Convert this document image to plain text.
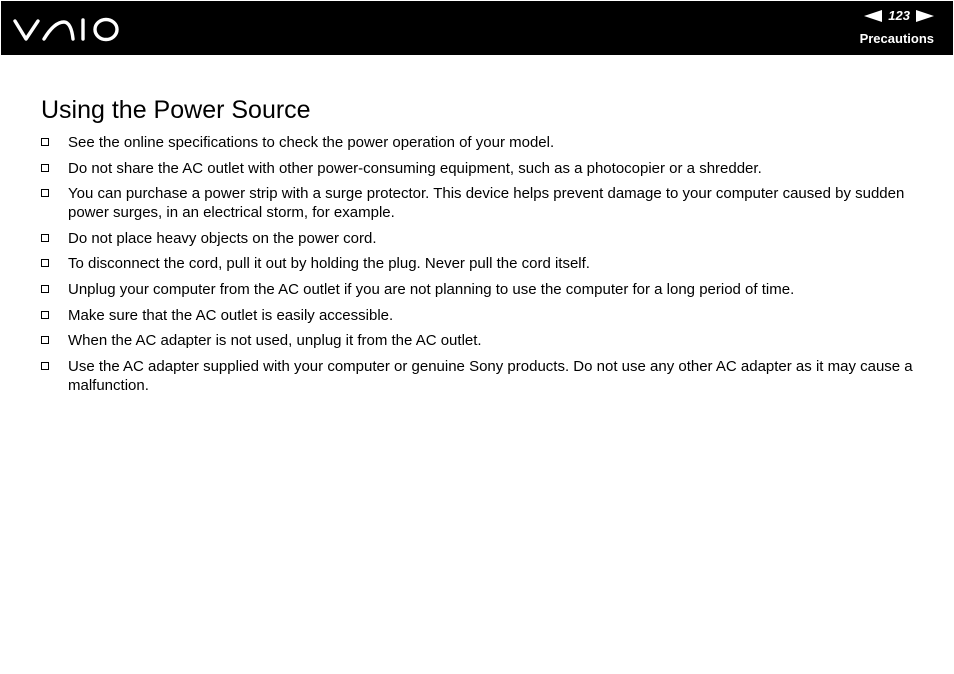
123
Precautions
Using the Power Source
See the online specifications to check the power operation of your model.
Do not share the AC outlet with other power-consuming equipment, such as a photocopier or a shredder.
You can purchase a power strip with a surge protector. This device helps prevent damage to your computer caused by sudden power surges, in an electrical storm, for example.
Do not place heavy objects on the power cord.
To disconnect the cord, pull it out by holding the plug. Never pull the cord itself.
Unplug your computer from the AC outlet if you are not planning to use the computer for a long period of time.
Make sure that the AC outlet is easily accessible.
When the AC adapter is not used, unplug it from the AC outlet.
Use the AC adapter supplied with your computer or genuine Sony products. Do not use any other AC adapter as it may cause a malfunction.
